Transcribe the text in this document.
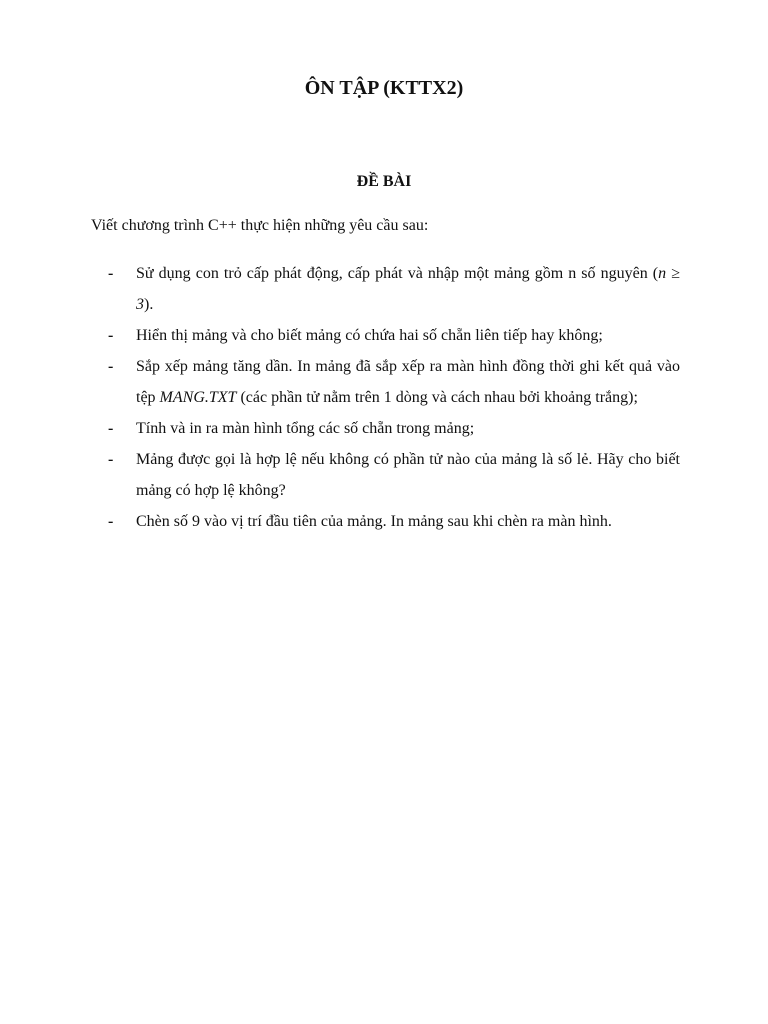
ÔN TẬP (KTTX2)
ĐỀ BÀI
Viết chương trình C++ thực hiện những yêu cầu sau:
- Sử dụng con trỏ cấp phát động, cấp phát và nhập một mảng gồm n số nguyên (n ≥ 3).
- Hiển thị mảng và cho biết mảng có chứa hai số chẵn liên tiếp hay không;
- Sắp xếp mảng tăng dần. In mảng đã sắp xếp ra màn hình đồng thời ghi kết quả vào tệp MANG.TXT (các phần tử nằm trên 1 dòng và cách nhau bởi khoảng trắng);
- Tính và in ra màn hình tổng các số chẵn trong mảng;
- Mảng được gọi là hợp lệ nếu không có phần tử nào của mảng là số lẻ. Hãy cho biết mảng có hợp lệ không?
- Chèn số 9 vào vị trí đầu tiên của mảng. In mảng sau khi chèn ra màn hình.
